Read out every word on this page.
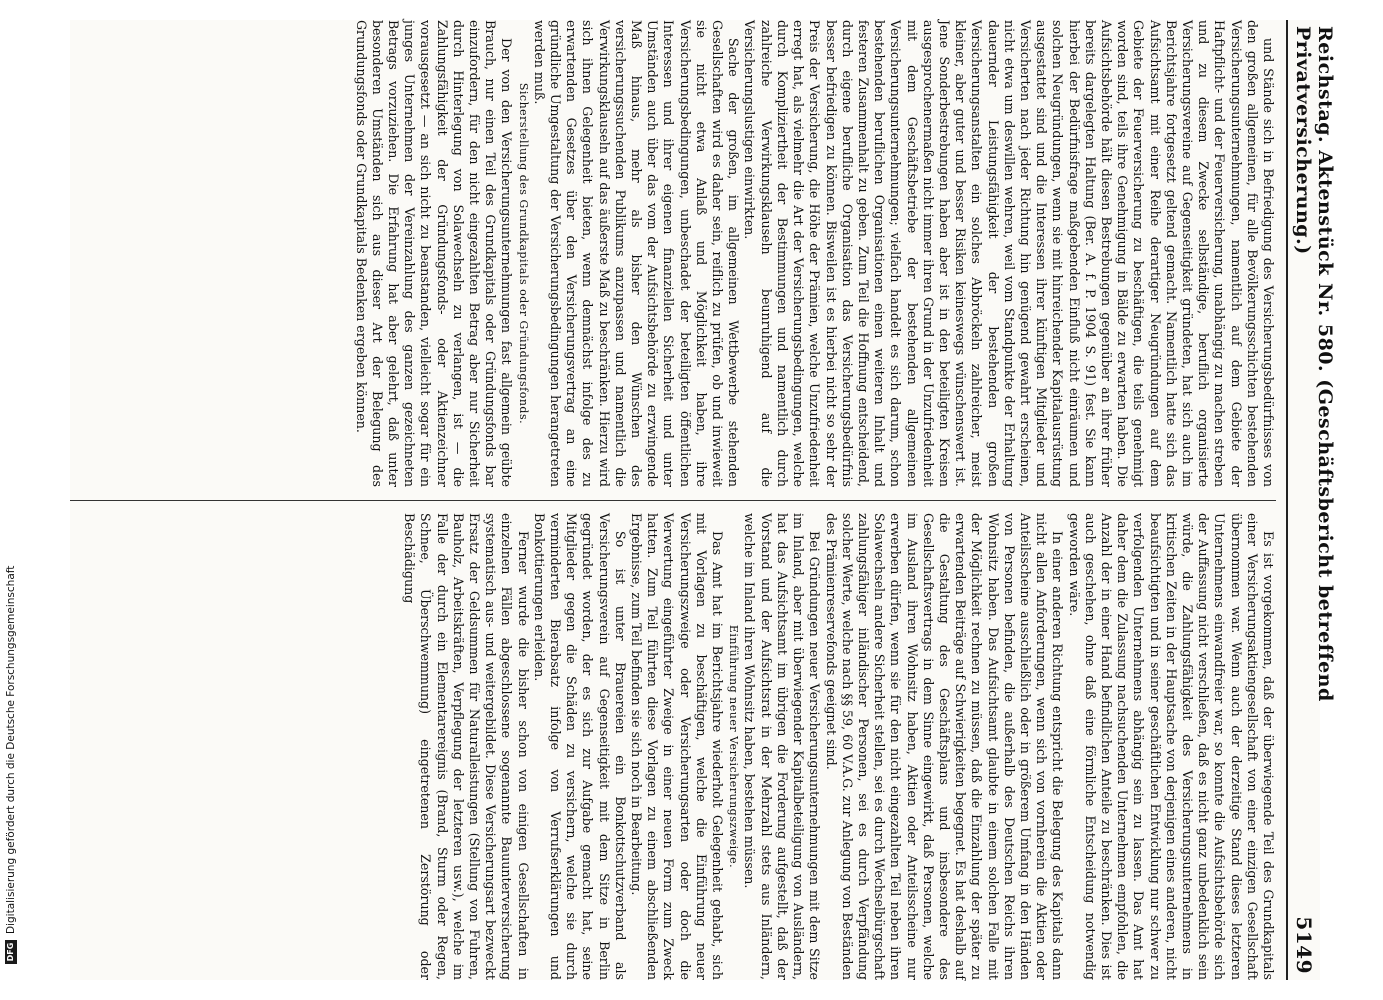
DFG
Digitalisierung gefördert durch die Deutsche Forschungsgemeinschaft
Reichstag. Aktenstück Nr. 580. (Geschäftsbericht betreffend Privatversicherung.)
5149

und Stände sich in Befriedigung des Versicherungsbedürfnisses von den großen allgemeinen, für alle Bevölkerungsschichten bestehenden Versicherungsunternehmungen, namentlich auf dem Gebiete der Haftpflicht- und der Feuerversicherung, unabhängig zu machen streben und zu diesem Zwecke selbständige, beruflich organisierte Versicherungsvereine auf Gegenseitigkeit gründeten, hat sich auch im Berichtsjahre fortgesetzt geltend gemacht. Namentlich hatte sich das Aufsichtsamt mit einer Reihe derartiger Neugründungen auf dem Gebiete der Feuerversicherung zu beschäftigen, die teils genehmigt worden sind, teils ihre Genehmigung in Bälde zu erwarten haben. Die Aufsichtsbehörde hält diesen Bestrebungen gegenüber an ihrer früher bereits dargelegten Haltung (Ber. A. f. P. 1904 S. 91) fest. Sie kann hierbei der Bedürfnisfrage maßgebenden Einfluß nicht einräumen und solchen Neugründungen, wenn sie mit hinreichender Kapitalausrüstung ausgestattet sind und die Interessen ihrer künftigen Mitglieder und Versicherten nach jeder Richtung hin genügend gewahrt erscheinen, nicht etwa um deswillen wehren, weil vom Standpunkte der Erhaltung dauernder Leistungsfähigkeit der bestehenden großen Versicherungsanstalten ein solches Abbröckeln zahlreicher, meist kleiner, aber guter und besser Risiken keineswegs wünschenswert ist. Jene Sonderbestrebungen haben aber ist in den beteiligten Kreisen ausgesprochenermaßen nicht immer ihren Grund in der Unzufriedenheit mit dem Geschäftsbetriebe der bestehenden allgemeinen Versicherungsunternehmungen; vielfach handelt es sich darum, schon bestehenden beruflichen Organisationen einen weiteren Inhalt und festeren Zusammenhalt zu geben. Zum Teil die Hoffnung entscheidend, durch eigene berufliche Organisation das Versicherungsbedürfnis besser befriedigen zu können. Bisweilen ist es hierbei nicht so sehr der Preis der Versicherung, die Höhe der Prämien, welche Unzufriedenheit erregt hat, als vielmehr die Art der Versicherungsbedingungen, welche durch Kompliziertheit der Bestimmungen und namentlich durch zahlreiche Verwirkungsklauseln beunruhigend auf die Versicherungslustigen einwirkten.

Sache der großen, im allgemeinen Wettbewerbe stehenden Gesellschaften wird es daher sein, reiflich zu prüfen, ob und inwieweit sie nicht etwa Anlaß und Möglichkeit haben, ihre Versicherungsbedingungen, unbeschadet der beteiligten öffentlichen Interessen und ihrer eigenen finanziellen Sicherheit und unter Umständen auch über das vom der Aufsichtsbehörde zu erzwingende Maß hinaus, mehr als bisher den Wünschen des versicherungssuchenden Publikums anzupassen und namentlich die Verwirkungsklauseln auf das äußerste Maß zu beschränken. Hierzu wird sich ihnen Gelegenheit bieten, wenn demnächst infolge des zu erwartenden Gesetzes über den Versicherungsvertrag an eine gründliche Umgestaltung der Versicherungsbedingungen herangetreten werden muß.

Sicherstellung des Grundkapitals oder Gründungsfonds.

Der von den Versicherungsunternehmungen fast allgemein geübte Brauch, nur einen Teil des Grundkapitals oder Gründungsfonds bar einzufordern, für den nicht eingezahlten Betrag aber nur Sicherheit durch Hinterlegung von Solawechseln zu verlangen, ist — die Zahlungsfähigkeit der Gründungsfonds- oder Aktienzeichner vorausgesetzt — an sich nicht zu beanstanden, vielleicht sogar für ein junges Unternehmen der Vereinzahlung des ganzen gezeichneten Betrags vorzuziehen. Die Erfahrung hat aber gelehrt, daß unter besonderen Umständen sich aus dieser Art der Belegung des Grundungsfonds oder Grundkapitals Bedenken ergeben können.

Es ist vorgekommen, daß der überwiegende Teil des Grundkapitals einer Versicherungsaktiengesellschaft von einer einzigen Gesellschaft übernommen war. Wenn auch der derzeitige Stand dieses letzteren Unternehmens einwandfreier war, so konnte die Aufsichtsbehörde sich der Auffassung nicht verschließen, daß es nicht ganz unbedenklich sein würde, die Zahlungsfähigkeit des Versicherungsunternehmens in kritischen Zeiten in der Hauptsache von derjenigen eines anderen, nicht beaufsichtigten und in seiner geschäftlichen Entwicklung nur schwer zu verfolgenden Unternehmens abhängig sein zu lassen. Das Amt hat daher dem die Zulassung nachsuchenden Unternehmen empfohlen, die Anzahl der in einer Hand befindlichen Anteile zu beschränken. Dies ist auch geschehen, ohne daß eine förmliche Entscheidung notwendig geworden wäre.

In einer anderen Richtung entspricht die Belegung des Kapitals dann nicht allen Anforderungen, wenn sich von vornherein die Aktien oder Anteilsscheine ausschließlich oder in größerem Umfang in den Händen von Personen befinden, die außerhalb des Deutschen Reichs ihren Wohnsitz haben. Das Aufsichtsamt glaubte in einem solchen Falle mit der Möglichkeit rechnen zu müssen, daß die Einzahlung der später zu erwartenden Beiträge auf Schwierigkeiten begegnet. Es hat deshalb auf die Gestaltung des Geschäftsplans und insbesondere des Gesellschaftsvertrags in dem Sinne eingewirkt, daß Personen, welche im Ausland ihren Wohnsitz haben, Aktien oder Anteilsscheine nur erwerben dürfen, wenn sie für den nicht eingezahlten Teil neben ihren Solawechseln andere Sicherheit stellen, sei es durch Wechselbürgschaft zahlungsfähiger inländischer Personen, sei es durch Verpfändung solcher Werte, welche nach §§ 59, 60 V.A.G. zur Anlegung von Beständen des Prämienreservefonds geeignet sind.

Bei Gründungen neuer Versicherungsunternehmungen mit dem Sitze im Inland, aber mit überwiegender Kapitalbeteiligung von Ausländern, hat das Aufsichtsamt im übrigen die Forderung aufgestellt, daß der Vorstand und der Aufsichtsrat in der Mehrzahl stets aus Inländern, welche im Inland ihren Wohnsitz haben, bestehen müssen.

Einführung neuer Versicherungszweige.

Das Amt hat im Berichtsjahre wiederholt Gelegenheit gehabt, sich mit Vorlagen zu beschäftigen, welche die Einführung neuer Versicherungszweige oder Versicherungsarten oder doch die Verwertung eingeführter Zweige in einer neuen Form zum Zweck hatten. Zum Teil führten diese Vorlagen zu einem abschließenden Ergebnisse, zum Teil befinden sie sich noch in Bearbeitung.

So ist unter Brauereien ein Bonkottschutzverband als Versicherungsverein auf Gegenseitigkeit mit dem Sitze in Berlin gegründet worden, der es sich zur Aufgabe gemacht hat, seine Mitglieder gegen die Schäden zu versichern, welche sie durch verminderten Bierabsatz infolge von Verrufserklärungen und Bonkottierungen erleiden.

Ferner wurde die bisher schon von einigen Gesellschaften in einzelnen Fällen abgeschlossene sogenannte Bauunterversicherung systematisch aus- und weitergebildet. Diese Versicherungsart bezweckt Ersatz der Geldsummen für Naturalleistungen (Stellung von Fuhren, Bauholz, Arbeitskräften, Verpflegung der letzteren usw.), welche im Falle der durch ein Elementarereignis (Brand, Sturm oder Regen, Schnee, Überschwemmung) eingetretenen Zerstörung oder Beschädigung
